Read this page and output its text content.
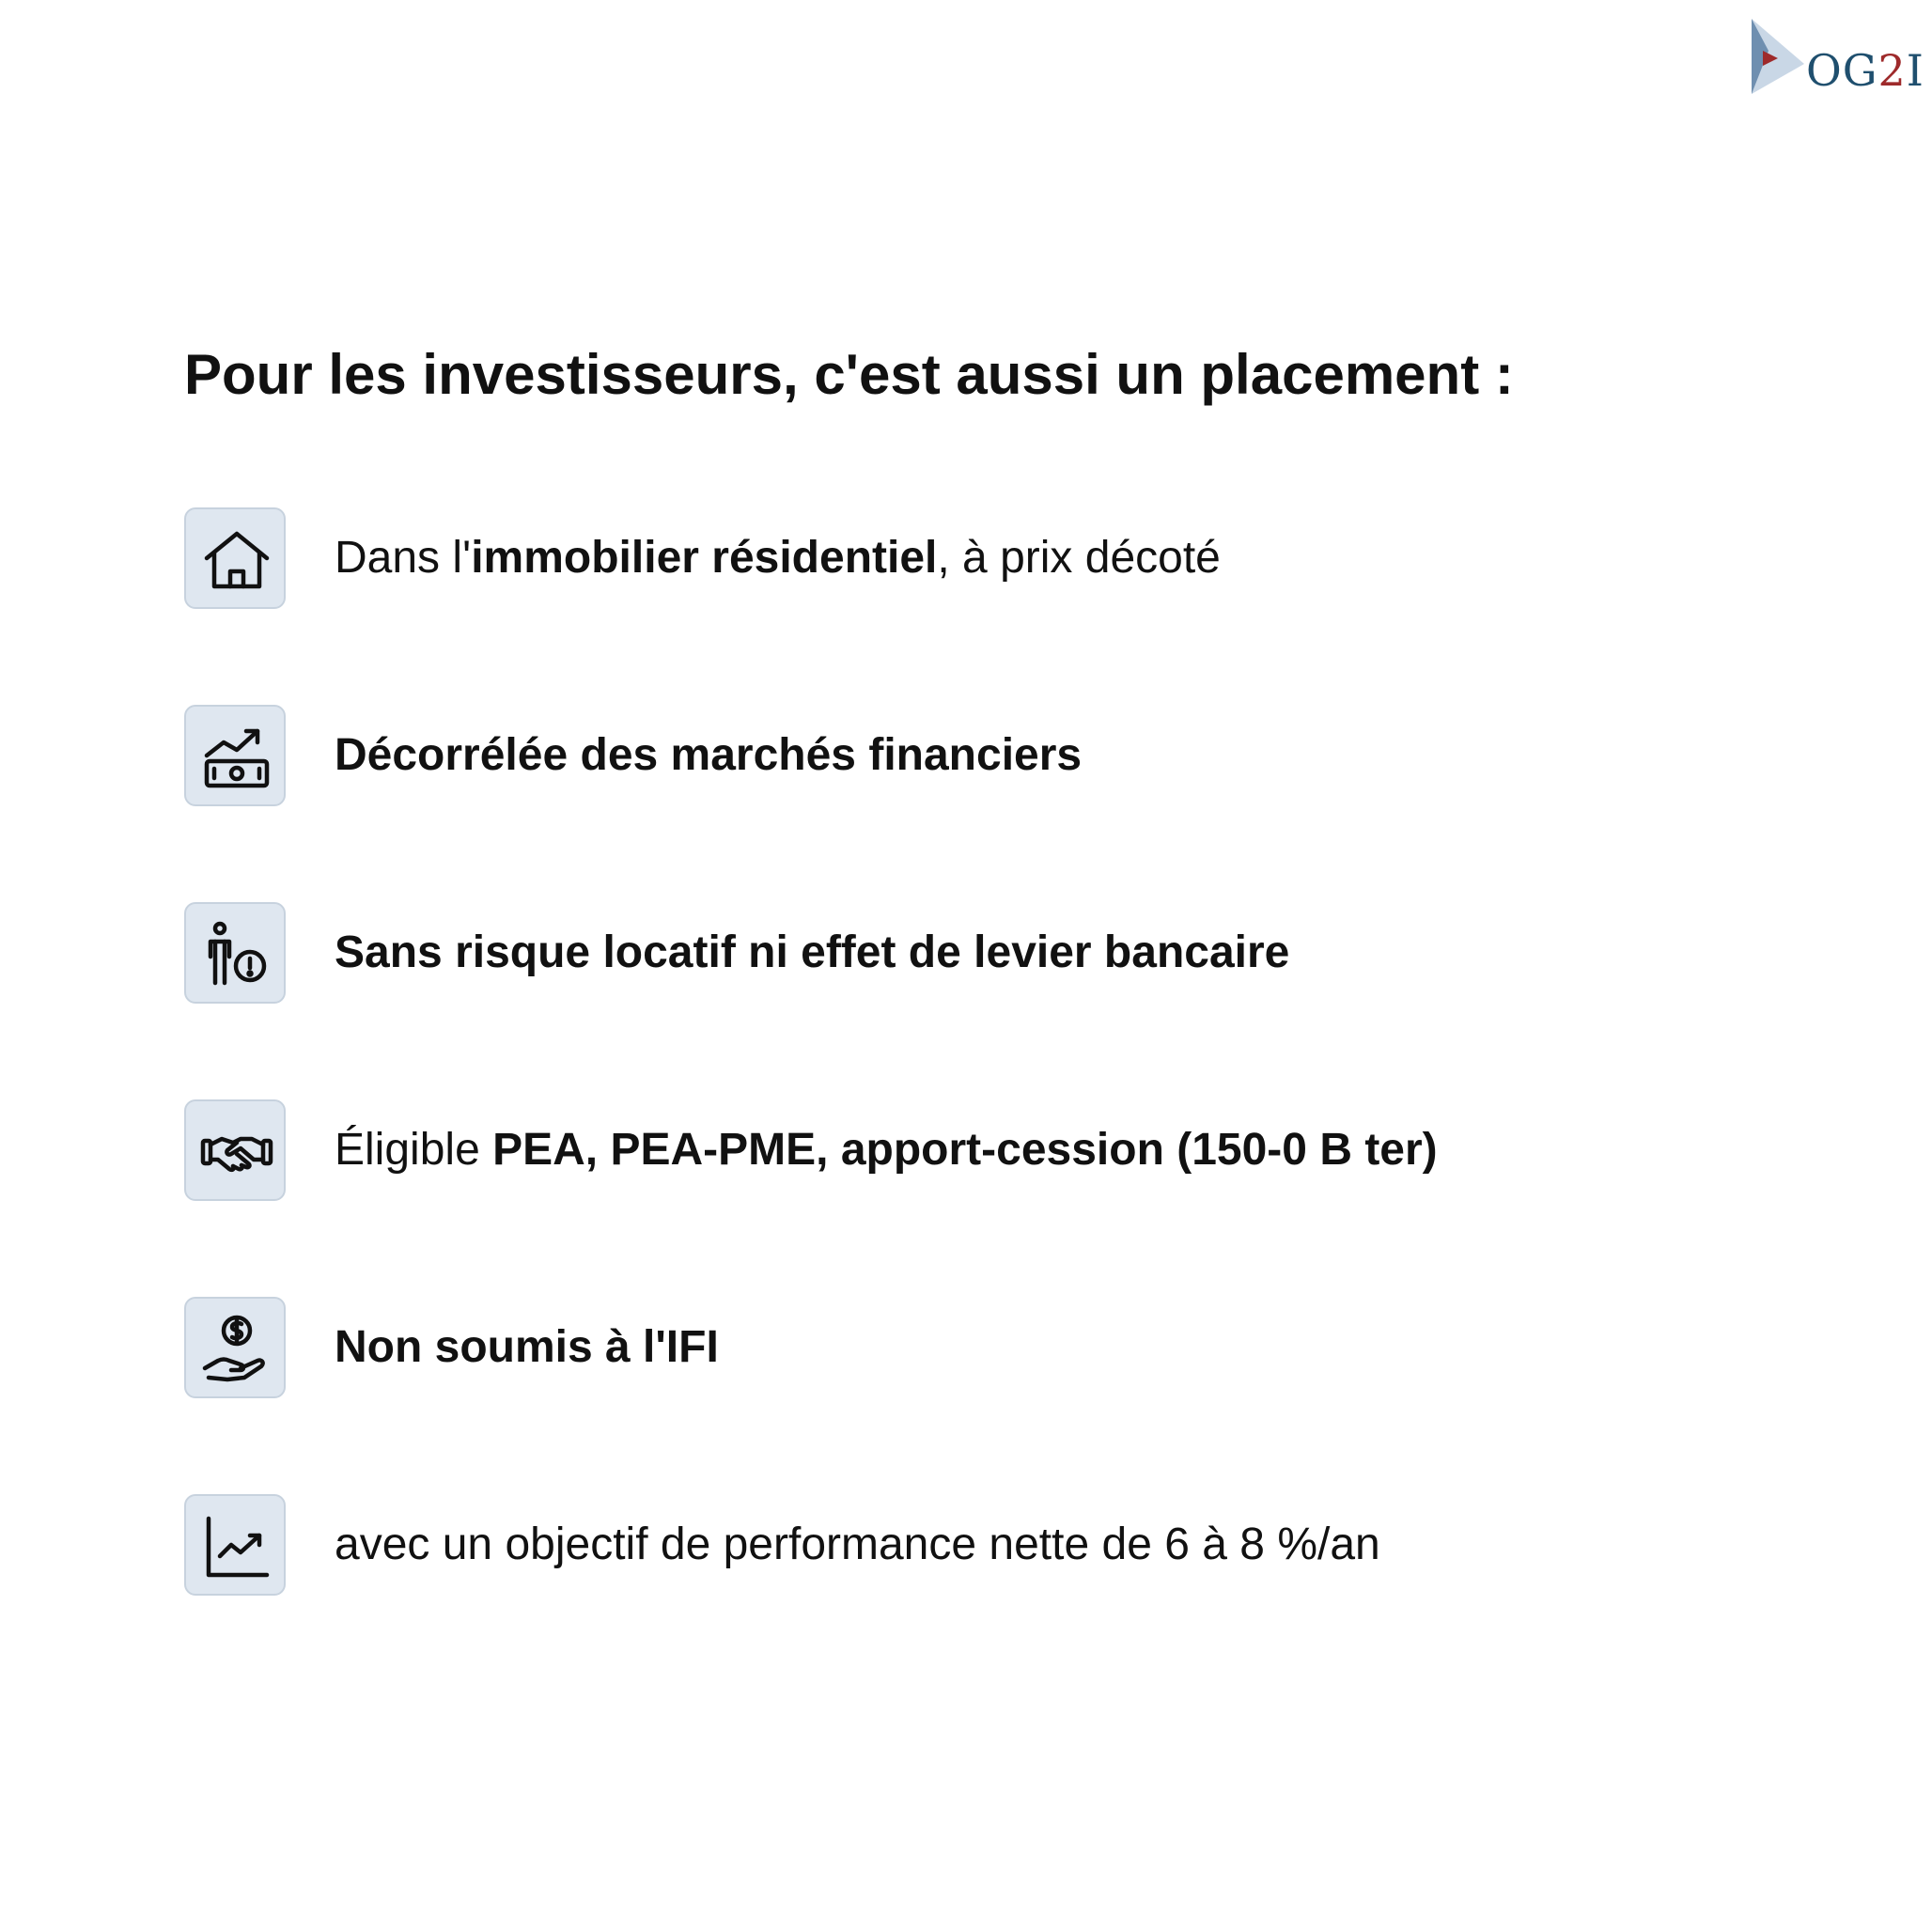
OG2I
Pour les investisseurs, c'est aussi un placement :
Dans l'immobilier résidentiel, à prix décoté
Décorrélée des marchés financiers
Sans risque locatif ni effet de levier bancaire
Éligible PEA, PEA-PME, apport-cession (150-0 B ter)
Non soumis à l'IFI
avec un objectif de performance nette de 6 à 8 %/an
